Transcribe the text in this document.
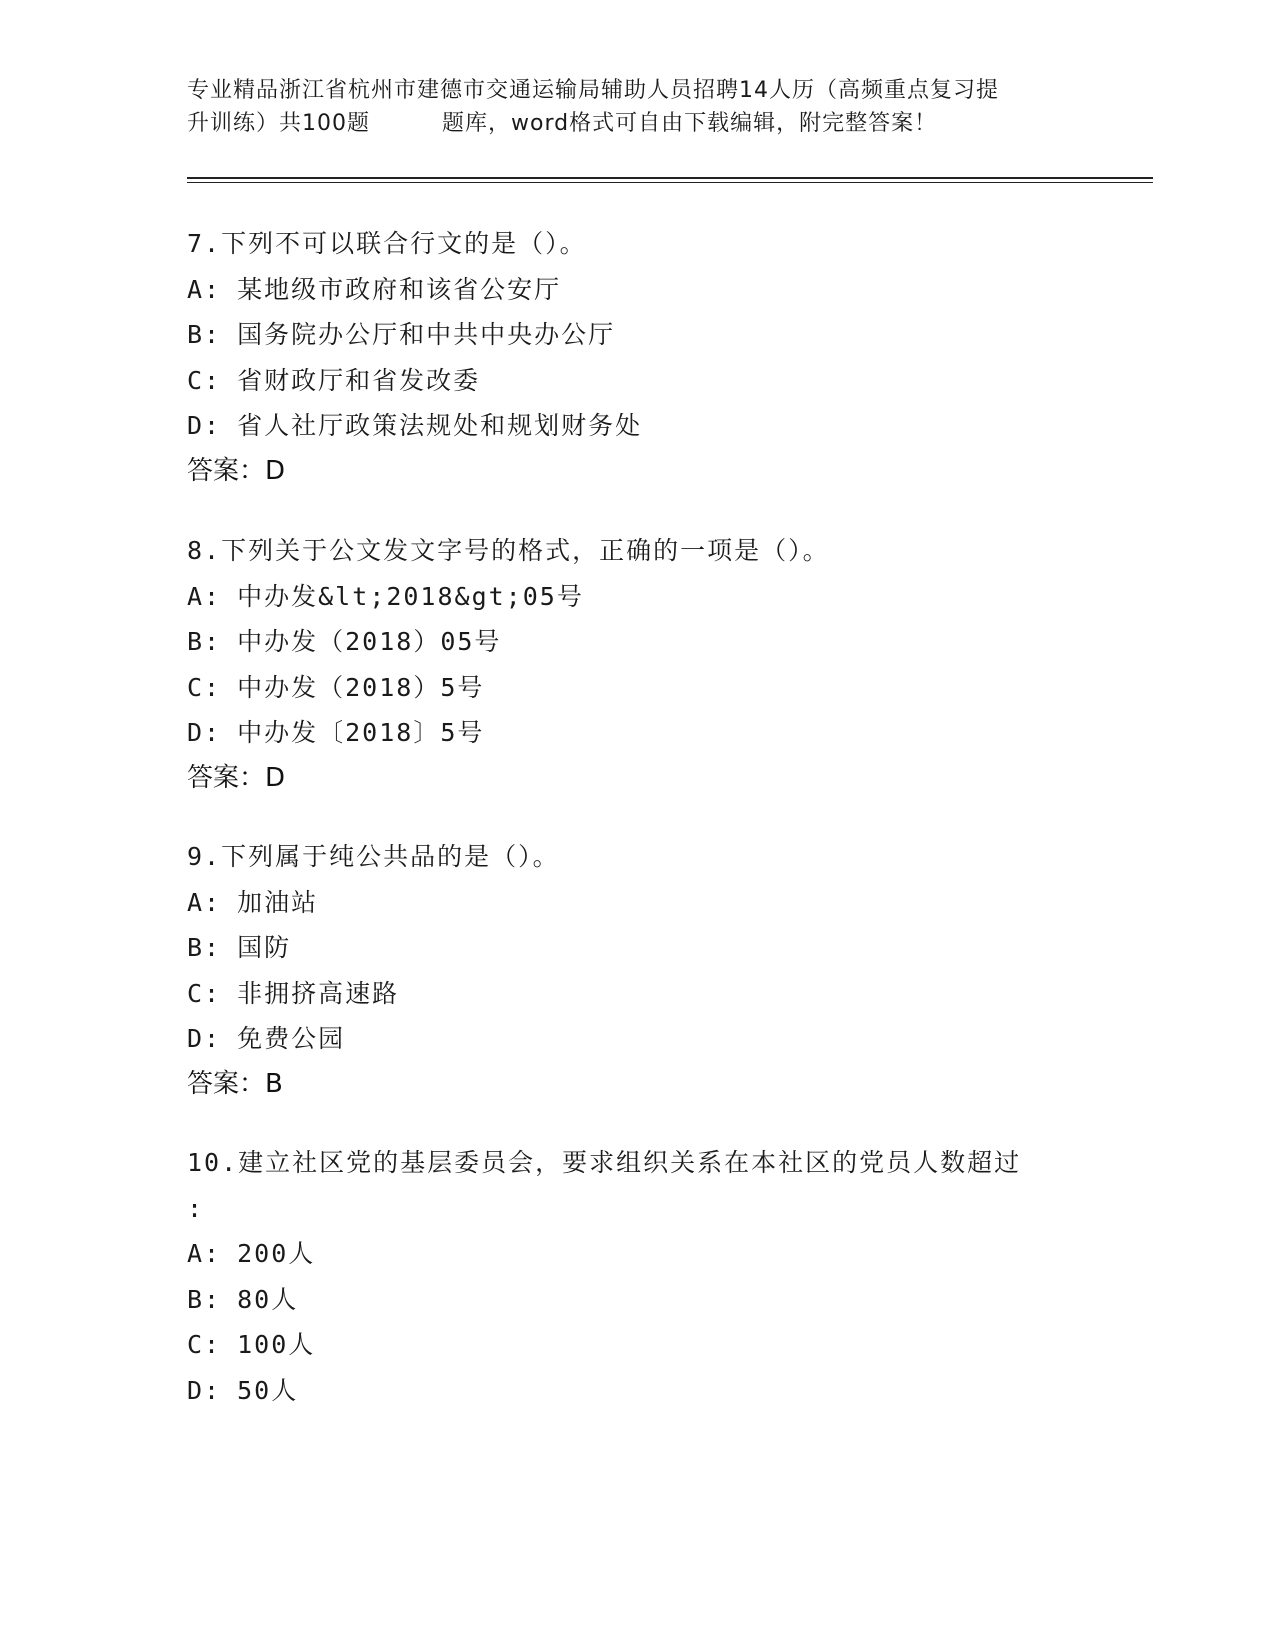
专业精品浙江省杭州市建德市交通运输局辅助人员招聘14人历（高频重点复习提
升训练）共100题	题库，word格式可自由下载编辑，附完整答案！
7.下列不可以联合行文的是（）。
A: 某地级市政府和该省公安厅
B: 国务院办公厅和中共中央办公厅
C: 省财政厅和省发改委
D: 省人社厅政策法规处和规划财务处
答案：D
8.下列关于公文发文字号的格式，正确的一项是（）。
A: 中办发&lt;2018&gt;05号
B: 中办发（2018）05号
C: 中办发（2018）5号
D: 中办发〔2018〕5号
答案：D
9.下列属于纯公共品的是（）。
A: 加油站
B: 国防
C: 非拥挤高速路
D: 免费公园
答案：B
10.建立社区党的基层委员会，要求组织关系在本社区的党员人数超过
:
A: 200人
B: 80人
C: 100人
D: 50人
